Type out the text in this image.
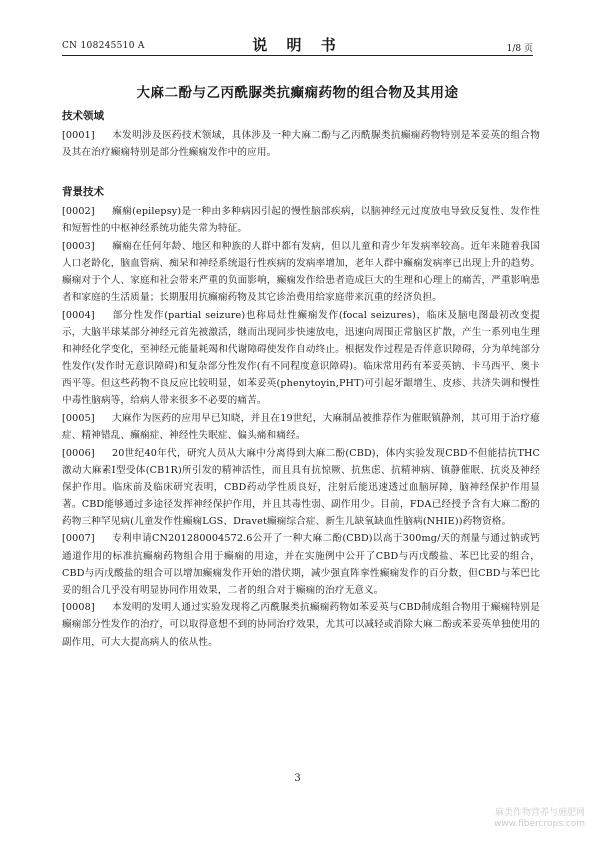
CN 108245510 A	说 明 书	1/8 页
大麻二酚与乙丙酰脲类抗癫痫药物的组合物及其用途
技术领域

[0001] 本发明涉及医药技术领域，具体涉及一种大麻二酚与乙丙酰脲类抗癫痫药物特别是苯妥英的组合物及其在治疗癫痫特别是部分性癫痫发作中的应用。

背景技术

[0002] 癫痫(epilepsy)是一种由多种病因引起的慢性脑部疾病，以脑神经元过度放电导致反复性、发作性和短暂性的中枢神经系统功能失常为特征。

[0003] 癫痫在任何年龄、地区和种族的人群中都有发病，但以儿童和青少年发病率较高。近年来随着我国人口老龄化，脑血管病、痴呆和神经系统退行性疾病的发病率增加，老年人群中癫痫发病率已出现上升的趋势。癫痫对于个人、家庭和社会带来严重的负面影响，癫痫发作给患者造成巨大的生理和心理上的痛苦，严重影响患者和家庭的生活质量；长期服用抗癫痫药物及其它诊治费用给家庭带来沉重的经济负担。

[0004] 部分性发作(partial seizure)也称局灶性癫痫发作(focal seizures)，临床及脑电图最初改变提示，大脑半球某部分神经元首先被激活，继而出现同步快速放电，迅速向周围正常脑区扩散，产生一系列电生理和神经化学变化，至神经元能量耗竭和代谢障碍使发作自动终止。根据发作过程是否伴意识障碍，分为单纯部分性发作(发作时无意识障碍)和复杂部分性发作(有不同程度意识障碍)。临床常用药有苯妥英钠、卡马西平、奥卡西平等。但这些药物不良反应比较明显，如苯妥英(phenytoyin,PHT)可引起牙龈增生、皮疹、共济失调和慢性中毒性脑病等，给病人带来很多不必要的痛苦。

[0005] 大麻作为医药的应用早已知晓，并且在19世纪，大麻制品被推荐作为催眠镇静剂，其可用于治疗癔症、精神错乱、癫痫症、神经性失眠症、偏头痛和痛经。

[0006] 20世纪40年代，研究人员从大麻中分离得到大麻二酚(CBD)，体内实验发现CBD不但能拮抗THC激动大麻素I型受体(CB1R)所引发的精神活性，而且具有抗惊厥、抗焦虑、抗精神病、镇静催眠、抗炎及神经保护作用。临床前及临床研究表明，CBD药动学性质良好，注射后能迅速透过血脑屏障，脑神经保护作用显著。CBD能够通过多途径发挥神经保护作用，并且其毒性弱、副作用少。目前，FDA已经授予含有大麻二酚的药物三种罕见病(儿童发作性癫痫LGS、Dravet癫痫综合症、新生儿缺氧缺血性脑病(NHIE))药物资格。

[0007] 专利申请CN201280004572.6公开了一种大麻二酚(CBD)以高于300mg/天的剂量与通过钠或钙通道作用的标准抗癫痫药物组合用于癫痫的用途，并在实施例中公开了CBD与丙戊酸盐、苯巴比妥的组合，CBD与丙戊酸盐的组合可以增加癫痫发作开始的潜伏期，减少强直阵挛性癫痫发作的百分数，但CBD与苯巴比妥的组合几乎没有明显协同作用效果，二者的组合对于癫痫的治疗无意义。

[0008] 本发明的发明人通过实验发现将乙丙酰脲类抗癫痫药物如苯妥英与CBD制成组合物用于癫痫特别是癫痫部分性发作的治疗，可以取得意想不到的协同治疗效果，尤其可以减轻或消除大麻二酚或苯妥英单独使用的副作用，可大大提高病人的依从性。

3
麻类作物营养与施肥网
www.fibercrops.com
